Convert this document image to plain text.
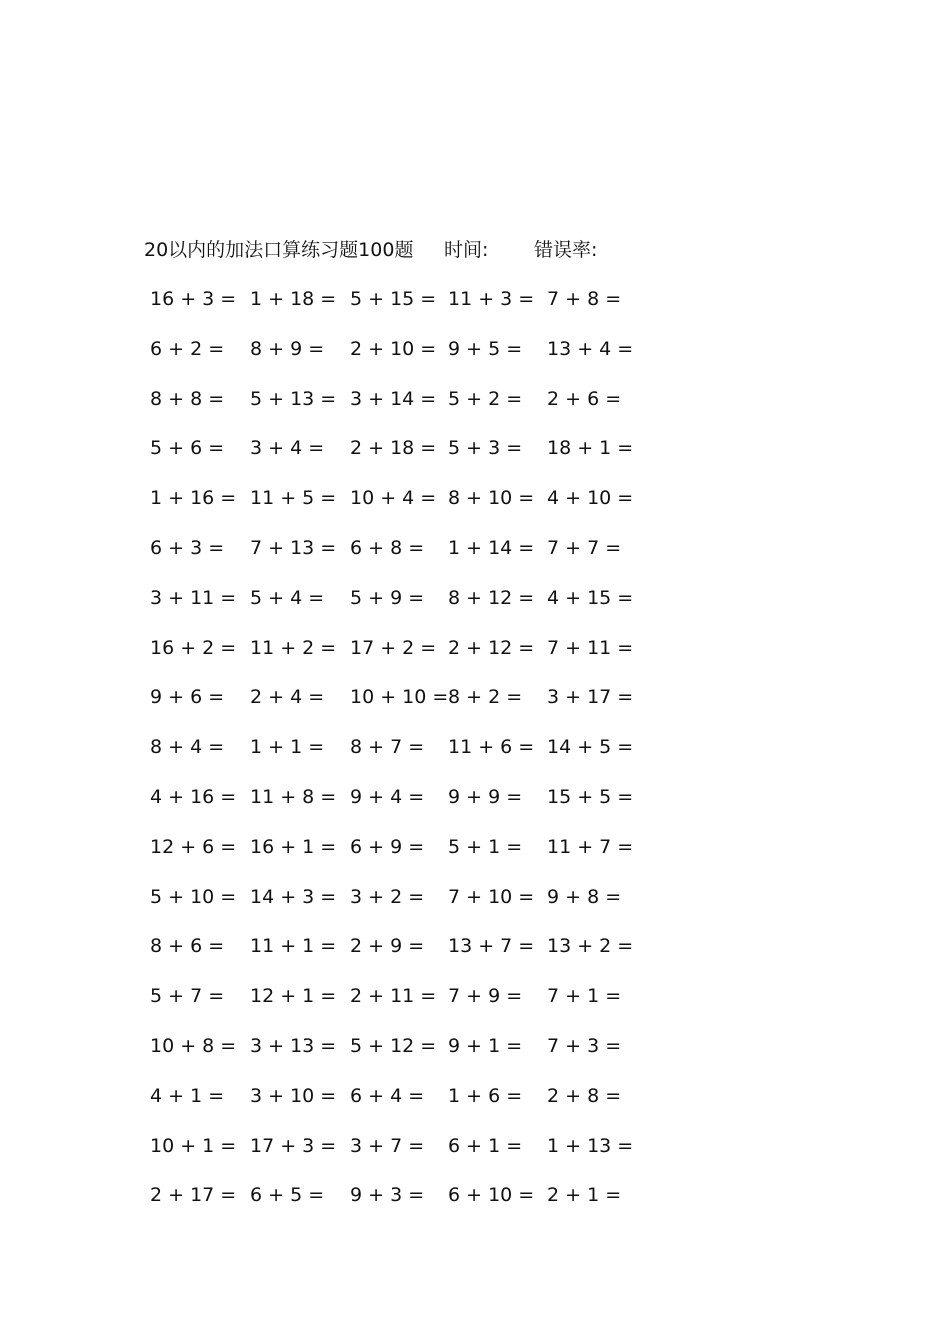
20以内的加法口算练习题100题 时间: 错误率:
16 + 3 = 1 + 18 = 5 + 15 = 11 + 3 = 7 + 8 =
6 + 2 =	8 + 9 =	2 + 10 = 9 + 5 =	13 + 4 =
8 + 8 =	5 + 13 = 3 + 14 = 5 + 2 =	2 + 6 =
5 + 6 =	3 + 4 =	2 + 18 = 5 + 3 =	18 + 1 =
1 + 16 = 11 + 5 = 10 + 4 = 8 + 10 = 4 + 10 =
6 + 3 =	7 + 13 = 6 + 8 =	1 + 14 = 7 + 7 =
3 + 11 = 5 + 4 =	5 + 9 =	8 + 12 = 4 + 15 =
16 + 2 = 11 + 2 = 17 + 2 = 2 + 12 = 7 + 11 =
9 + 6 =	2 + 4 =	10 + 10 = 8 + 2 =	3 + 17 =
8 + 4 =	1 + 1 =	8 + 7 =	11 + 6 = 14 + 5 =
4 + 16 = 11 + 8 = 9 + 4 =	9 + 9 =	15 + 5 =
12 + 6 = 16 + 1 = 6 + 9 =	5 + 1 =	11 + 7 =
5 + 10 = 14 + 3 = 3 + 2 =	7 + 10 = 9 + 8 =
8 + 6 =	11 + 1 = 2 + 9 =	13 + 7 = 13 + 2 =
5 + 7 =	12 + 1 = 2 + 11 = 7 + 9 =	7 + 1 =
10 + 8 = 3 + 13 = 5 + 12 = 9 + 1 =	7 + 3 =
4 + 1 =	3 + 10 = 6 + 4 =	1 + 6 =	2 + 8 =
10 + 1 = 17 + 3 = 3 + 7 =	6 + 1 =	1 + 13 =
2 + 17 = 6 + 5 =	9 + 3 =	6 + 10 = 2 + 1 =
